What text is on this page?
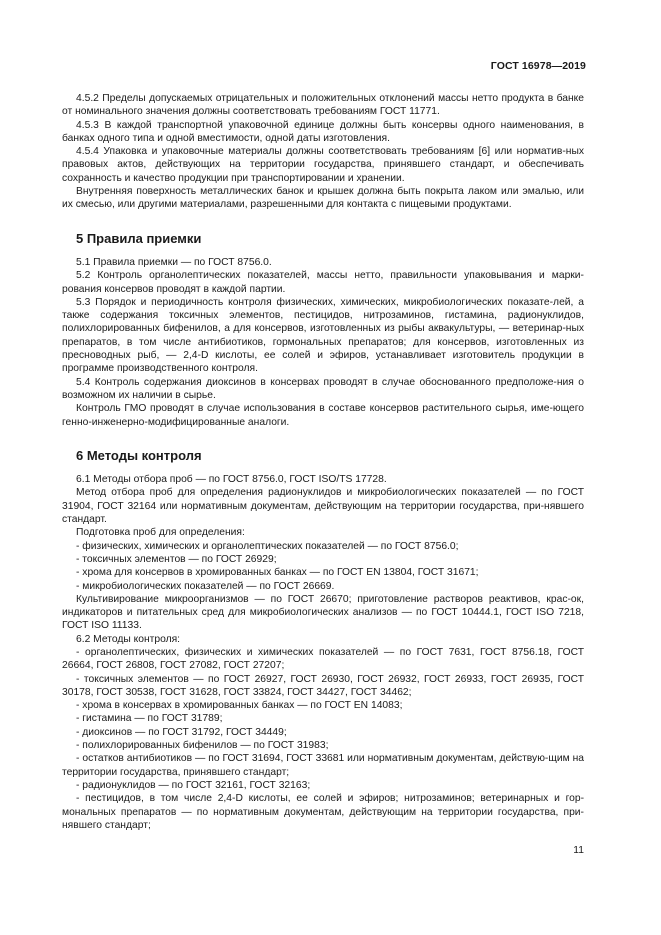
ГОСТ 16978—2019
4.5.2 Пределы допускаемых отрицательных и положительных отклонений массы нетто продукта в банке от номинального значения должны соответствовать требованиям ГОСТ 11771.
4.5.3 В каждой транспортной упаковочной единице должны быть консервы одного наименования, в банках одного типа и одной вместимости, одной даты изготовления.
4.5.4 Упаковка и упаковочные материалы должны соответствовать требованиям [6] или норматив-ных правовых актов, действующих на территории государства, принявшего стандарт, и обеспечивать сохранность и качество продукции при транспортировании и хранении.
Внутренняя поверхность металлических банок и крышек должна быть покрыта лаком или эмалью, или их смесью, или другими материалами, разрешенными для контакта с пищевыми продуктами.
5 Правила приемки
5.1 Правила приемки — по ГОСТ 8756.0.
5.2 Контроль органолептических показателей, массы нетто, правильности упаковывания и марки-рования консервов проводят в каждой партии.
5.3 Порядок и периодичность контроля физических, химических, микробиологических показате-лей, а также содержания токсичных элементов, пестицидов, нитрозаминов, гистамина, радионуклидов, полихлорированных бифенилов, а для консервов, изготовленных из рыбы аквакультуры, — ветеринар-ных препаратов, в том числе антибиотиков, гормональных препаратов; для консервов, изготовленных из пресноводных рыб, — 2,4-D кислоты, ее солей и эфиров, устанавливает изготовитель продукции в программе производственного контроля.
5.4 Контроль содержания диоксинов в консервах проводят в случае обоснованного предположе-ния о возможном их наличии в сырье.
Контроль ГМО проводят в случае использования в составе консервов растительного сырья, име-ющего генно-инженерно-модифицированные аналоги.
6 Методы контроля
6.1 Методы отбора проб — по ГОСТ 8756.0, ГОСТ ISO/TS 17728.
Метод отбора проб для определения радионуклидов и микробиологических показателей — по ГОСТ 31904, ГОСТ 32164 или нормативным документам, действующим на территории государства, при-нявшего стандарт.
Подготовка проб для определения:
- физических, химических и органолептических показателей — по ГОСТ 8756.0;
- токсичных элементов — по ГОСТ 26929;
- хрома для консервов в хромированных банках — по ГОСТ EN 13804, ГОСТ 31671;
- микробиологических показателей — по ГОСТ 26669.
Культивирование микроорганизмов — по ГОСТ 26670; приготовление растворов реактивов, крас-ок, индикаторов и питательных сред для микробиологических анализов — по ГОСТ 10444.1, ГОСТ ISO 7218, ГОСТ ISO 11133.
6.2 Методы контроля:
- органолептических, физических и химических показателей — по ГОСТ 7631, ГОСТ 8756.18, ГОСТ 26664, ГОСТ 26808, ГОСТ 27082, ГОСТ 27207;
- токсичных элементов — по ГОСТ 26927, ГОСТ 26930, ГОСТ 26932, ГОСТ 26933, ГОСТ 26935, ГОСТ 30178, ГОСТ 30538, ГОСТ 31628, ГОСТ 33824, ГОСТ 34427, ГОСТ 34462;
- хрома в консервах в хромированных банках — по ГОСТ EN 14083;
- гистамина — по ГОСТ 31789;
- диоксинов — по ГОСТ 31792, ГОСТ 34449;
- полихлорированных бифенилов — по ГОСТ 31983;
- остатков антибиотиков — по ГОСТ 31694, ГОСТ 33681 или нормативным документам, действую-щим на территории государства, принявшего стандарт;
- радионуклидов — по ГОСТ 32161, ГОСТ 32163;
- пестицидов, в том числе 2,4-D кислоты, ее солей и эфиров; нитрозаминов; ветеринарных и гор-мональных препаратов — по нормативным документам, действующим на территории государства, при-нявшего стандарт;
11
